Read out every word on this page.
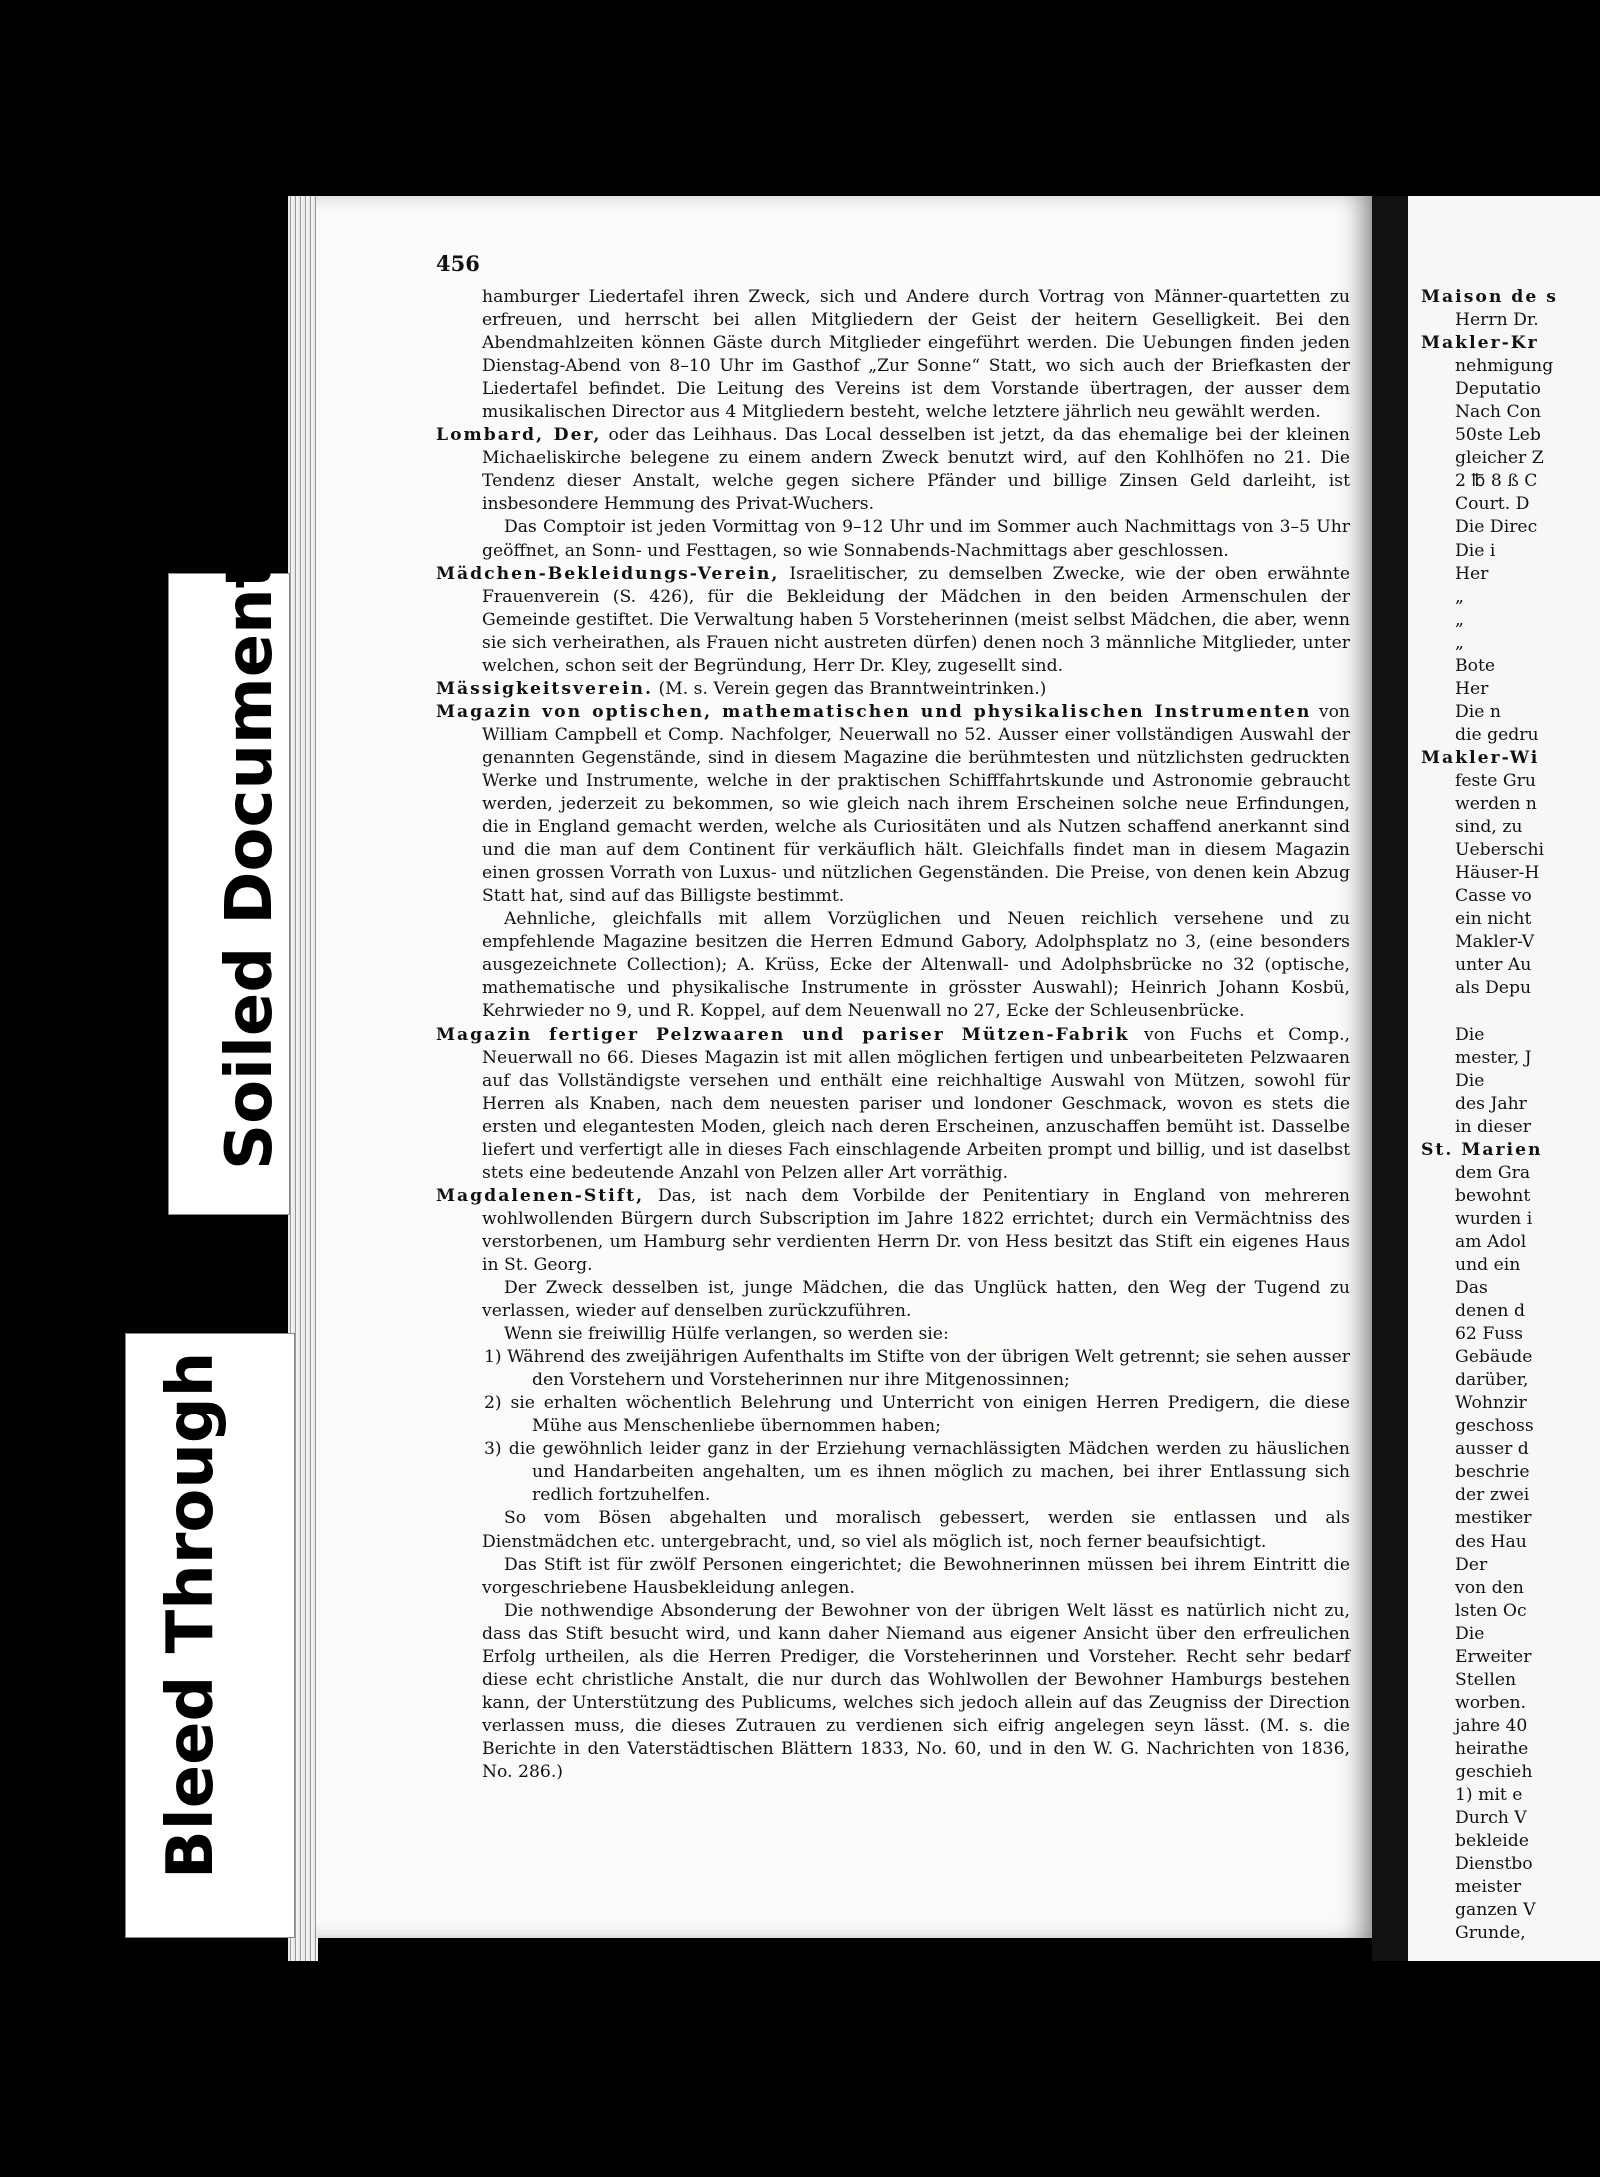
Soiled Document
Bleed Through
456

hamburger Liedertafel ihren Zweck, sich und Andere durch Vortrag von Männer-quartetten zu erfreuen, und herrscht bei allen Mitgliedern der Geist der heitern Geselligkeit. Bei den Abendmahlzeiten können Gäste durch Mitglieder eingeführt werden. Die Uebungen finden jeden Dienstag-Abend von 8–10 Uhr im Gasthof „Zur Sonne“ Statt, wo sich auch der Briefkasten der Liedertafel befindet. Die Leitung des Vereins ist dem Vorstande übertragen, der ausser dem musikalischen Director aus 4 Mitgliedern besteht, welche letztere jährlich neu gewählt werden.

Lombard, Der, oder das Leihhaus. Das Local desselben ist jetzt, da das ehemalige bei der kleinen Michaeliskirche belegene zu einem andern Zweck benutzt wird, auf den Kohlhöfen no 21. Die Tendenz dieser Anstalt, welche gegen sichere Pfänder und billige Zinsen Geld darleiht, ist insbesondere Hemmung des Privat-Wuchers.

Das Comptoir ist jeden Vormittag von 9–12 Uhr und im Sommer auch Nachmittags von 3–5 Uhr geöffnet, an Sonn- und Festtagen, so wie Sonnabends-Nachmittags aber geschlossen.

Mädchen-Bekleidungs-Verein, Israelitischer, zu demselben Zwecke, wie der oben erwähnte Frauenverein (S. 426), für die Bekleidung der Mädchen in den beiden Armenschulen der Gemeinde gestiftet. Die Verwaltung haben 5 Vorsteherinnen (meist selbst Mädchen, die aber, wenn sie sich verheirathen, als Frauen nicht austreten dürfen) denen noch 3 männliche Mitglieder, unter welchen, schon seit der Begründung, Herr Dr. Kley, zugesellt sind.

Mässigkeitsverein. (M. s. Verein gegen das Branntweintrinken.)

Magazin von optischen, mathematischen und physikalischen Instrumenten von William Campbell et Comp. Nachfolger, Neuerwall no 52. Ausser einer vollständigen Auswahl der genannten Gegenstände, sind in diesem Magazine die berühmtesten und nützlichsten gedruckten Werke und Instrumente, welche in der praktischen Schifffahrtskunde und Astronomie gebraucht werden, jederzeit zu bekommen, so wie gleich nach ihrem Erscheinen solche neue Erfindungen, die in England gemacht werden, welche als Curiositäten und als Nutzen schaffend anerkannt sind und die man auf dem Continent für verkäuflich hält. Gleichfalls findet man in diesem Magazin einen grossen Vorrath von Luxus- und nützlichen Gegenständen. Die Preise, von denen kein Abzug Statt hat, sind auf das Billigste bestimmt.

Aehnliche, gleichfalls mit allem Vorzüglichen und Neuen reichlich versehene und zu empfehlende Magazine besitzen die Herren Edmund Gabory, Adolphsplatz no 3, (eine besonders ausgezeichnete Collection); A. Krüss, Ecke der Altenwall- und Adolphsbrücke no 32 (optische, mathematische und physikalische Instrumente in grösster Auswahl); Heinrich Johann Kosbü, Kehrwieder no 9, und R. Koppel, auf dem Neuenwall no 27, Ecke der Schleusenbrücke.

Magazin fertiger Pelzwaaren und pariser Mützen-Fabrik von Fuchs et Comp., Neuerwall no 66. Dieses Magazin ist mit allen möglichen fertigen und unbearbeiteten Pelzwaaren auf das Vollständigste versehen und enthält eine reichhaltige Auswahl von Mützen, sowohl für Herren als Knaben, nach dem neuesten pariser und londoner Geschmack, wovon es stets die ersten und elegantesten Moden, gleich nach deren Erscheinen, anzuschaffen bemüht ist. Dasselbe liefert und verfertigt alle in dieses Fach einschlagende Arbeiten prompt und billig, und ist daselbst stets eine bedeutende Anzahl von Pelzen aller Art vorräthig.

Magdalenen-Stift, Das, ist nach dem Vorbilde der Penitentiary in England von mehreren wohlwollenden Bürgern durch Subscription im Jahre 1822 errichtet; durch ein Vermächtniss des verstorbenen, um Hamburg sehr verdienten Herrn Dr. von Hess besitzt das Stift ein eigenes Haus in St. Georg.

Der Zweck desselben ist, junge Mädchen, die das Unglück hatten, den Weg der Tugend zu verlassen, wieder auf denselben zurückzuführen.

Wenn sie freiwillig Hülfe verlangen, so werden sie:

1) Während des zweijährigen Aufenthalts im Stifte von der übrigen Welt getrennt; sie sehen ausser den Vorstehern und Vorsteherinnen nur ihre Mitgenossinnen;

2) sie erhalten wöchentlich Belehrung und Unterricht von einigen Herren Predigern, die diese Mühe aus Menschenliebe übernommen haben;

3) die gewöhnlich leider ganz in der Erziehung vernachlässigten Mädchen werden zu häuslichen und Handarbeiten angehalten, um es ihnen möglich zu machen, bei ihrer Entlassung sich redlich fortzuhelfen.

So vom Bösen abgehalten und moralisch gebessert, werden sie entlassen und als Dienstmädchen etc. untergebracht, und, so viel als möglich ist, noch ferner beaufsichtigt.

Das Stift ist für zwölf Personen eingerichtet; die Bewohnerinnen müssen bei ihrem Eintritt die vorgeschriebene Hausbekleidung anlegen.

Die nothwendige Absonderung der Bewohner von der übrigen Welt lässt es natürlich nicht zu, dass das Stift besucht wird, und kann daher Niemand aus eigener Ansicht über den erfreulichen Erfolg urtheilen, als die Herren Prediger, die Vorsteherinnen und Vorsteher. Recht sehr bedarf diese echt christliche Anstalt, die nur durch das Wohlwollen der Bewohner Hamburgs bestehen kann, der Unterstützung des Publicums, welches sich jedoch allein auf das Zeugniss der Direction verlassen muss, die dieses Zutrauen zu verdienen sich eifrig angelegen seyn lässt. (M. s. die Berichte in den Vaterstädtischen Blättern 1833, No. 60, und in den W. G. Nachrichten von 1836, No. 286.)

Maison de s
Herrn Dr.
Makler-Kr
nehmigung
Deputatio
Nach Con
50ste Leb
gleicher Z
2 ℔ 8 ß C
Court. D
Die Direc
Die i
Her
„
„
„
Bote
Her
Die n
die gedru
Makler-Wi
feste Gru
werden n
sind, zu
Ueberschi
Häuser-H
Casse vo
ein nicht
Makler-V
unter Au
als Depu
Die
mester, J
Die
des Jahr
in dieser
St. Marien
dem Gra
bewohnt
wurden i
am Adol
und ein
Das
denen d
62 Fuss
Gebäude
darüber,
Wohnzir
geschoss
ausser d
beschrie
der zwei
mestiker
des Hau
Der
von den
lsten Oc
Die
Erweiter
Stellen
worben.
jahre 40
heirathe
geschieh
1) mit e
Durch V
bekleide
Dienstbo
meister
ganzen V
Grunde,
